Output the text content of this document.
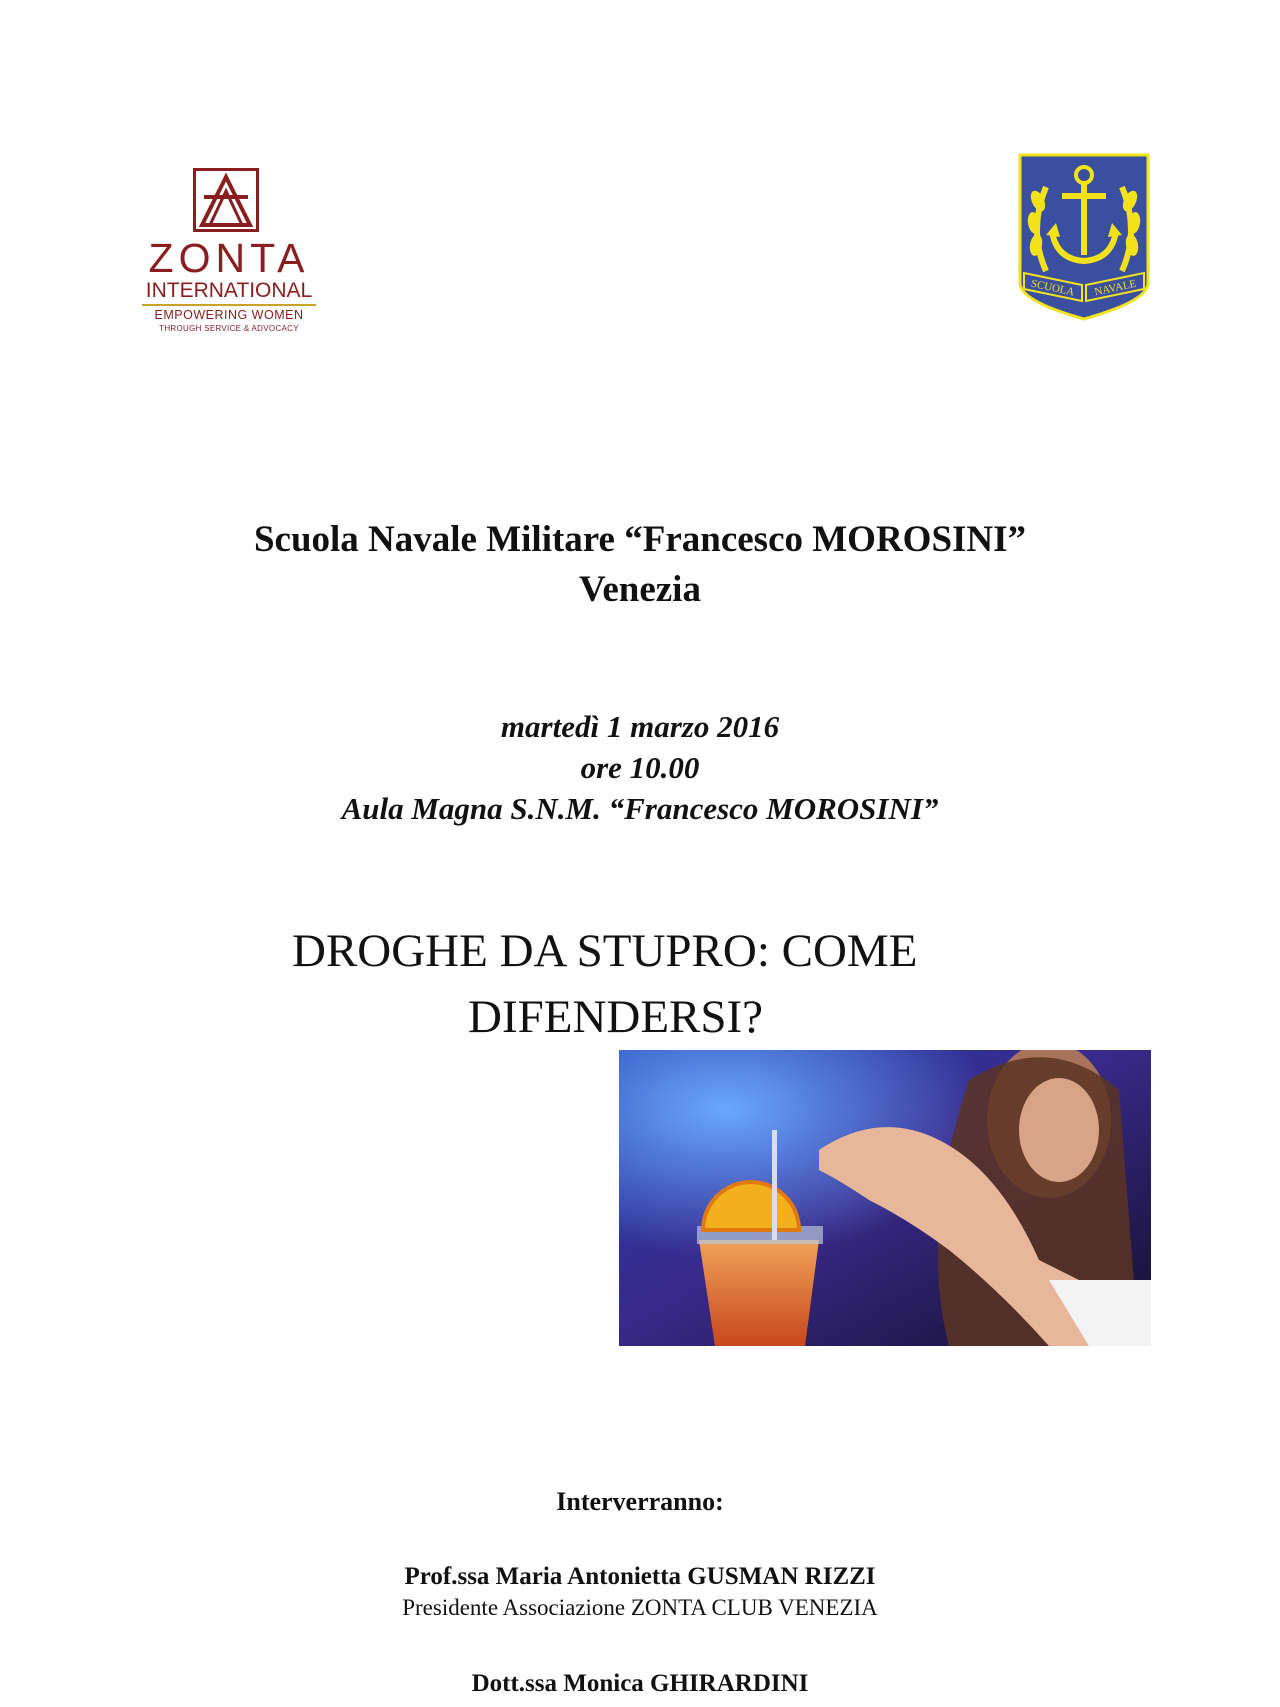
ZONTA
INTERNATIONAL
EMPOWERING WOMEN
THROUGH SERVICE & ADVOCACY
SCUOLA NAVALE
Scuola Navale Militare “Francesco MOROSINI”
Venezia
martedì 1 marzo 2016
ore 10.00
Aula Magna S.N.M. “Francesco MOROSINI”
DROGHE DA STUPRO: COME
DIFENDERSI?
Interverranno:
Prof.ssa Maria Antonietta GUSMAN RIZZI
Presidente Associazione ZONTA CLUB VENEZIA
Dott.ssa Monica GHIRARDINI
